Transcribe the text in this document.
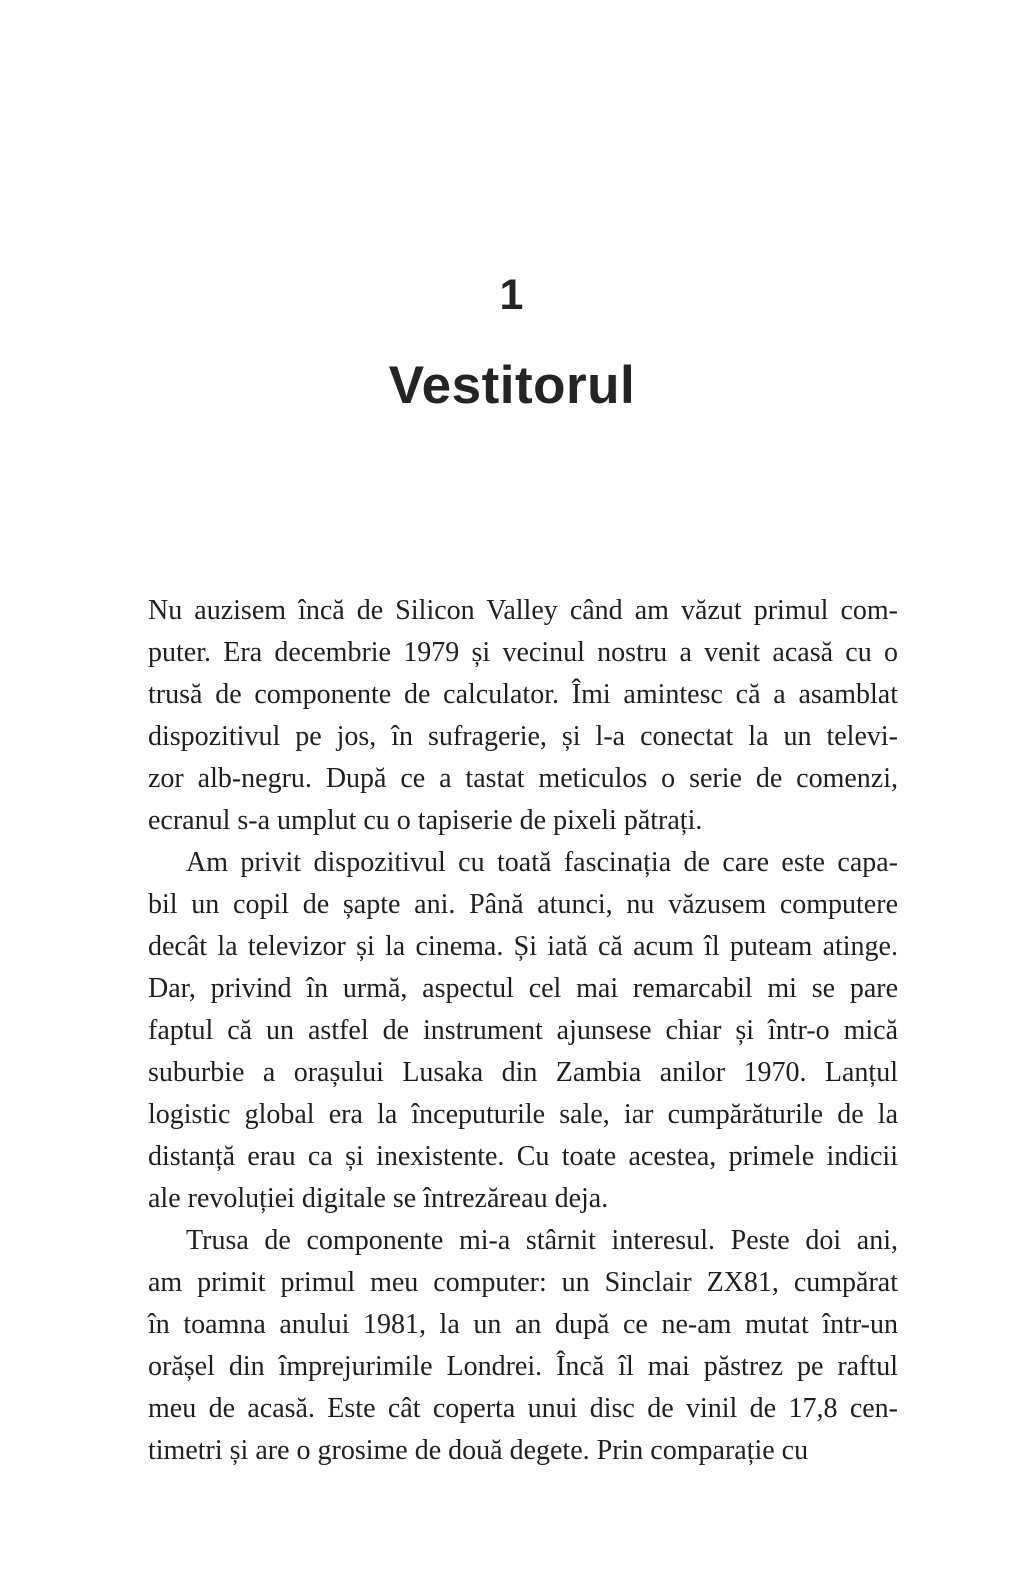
1
Vestitorul
Nu auzisem încă de Silicon Valley când am văzut primul com-
puter. Era decembrie 1979 și vecinul nostru a venit acasă cu o
trusă de componente de calculator. Îmi amintesc că a asamblat
dispozitivul pe jos, în sufragerie, și l-a conectat la un televi-
zor alb-negru. După ce a tastat meticulos o serie de comenzi,
ecranul s-a umplut cu o tapiserie de pixeli pătrați.
Am privit dispozitivul cu toată fascinația de care este capa-
bil un copil de șapte ani. Până atunci, nu văzusem computere
decât la televizor și la cinema. Și iată că acum îl puteam atinge.
Dar, privind în urmă, aspectul cel mai remarcabil mi se pare
faptul că un astfel de instrument ajunsese chiar și într-o mică
suburbie a orașului Lusaka din Zambia anilor 1970. Lanțul
logistic global era la începuturile sale, iar cumpărăturile de la
distanță erau ca și inexistente. Cu toate acestea, primele indicii
ale revoluției digitale se întrezăreau deja.
Trusa de componente mi-a stârnit interesul. Peste doi ani,
am primit primul meu computer: un Sinclair ZX81, cumpărat
în toamna anului 1981, la un an după ce ne-am mutat într-un
orășel din împrejurimile Londrei. Încă îl mai păstrez pe raftul
meu de acasă. Este cât coperta unui disc de vinil de 17,8 cen-
timetri și are o grosime de două degete. Prin comparație cu
